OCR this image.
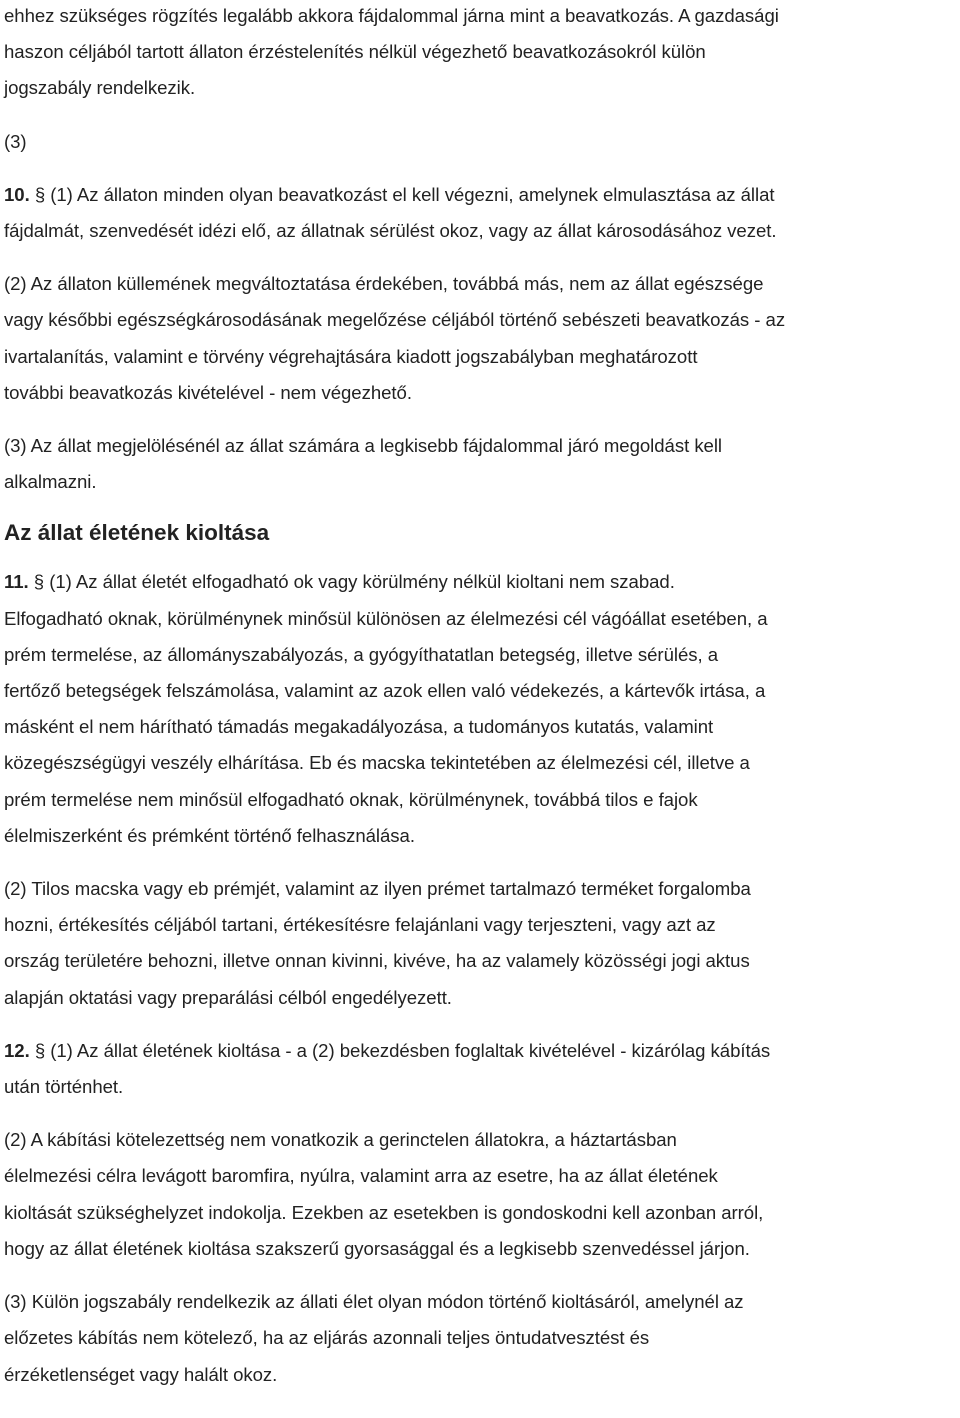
ehhez szükséges rögzítés legalább akkora fájdalommal járna mint a beavatkozás. A gazdasági
haszon céljából tartott állaton érzéstelenítés nélkül végezhető beavatkozásokról külön
jogszabály rendelkezik.
(3)
10. § (1) Az állaton minden olyan beavatkozást el kell végezni, amelynek elmulasztása az állat
fájdalmát, szenvedését idézi elő, az állatnak sérülést okoz, vagy az állat károsodásához vezet.
(2) Az állaton küllemének megváltoztatása érdekében, továbbá más, nem az állat egészsége
vagy későbbi egészségkárosodásának megelőzése céljából történő sebészeti beavatkozás - az
ivartalanítás, valamint e törvény végrehajtására kiadott jogszabályban meghatározott
további beavatkozás kivételével - nem végezhető.
(3) Az állat megjelölésénél az állat számára a legkisebb fájdalommal járó megoldást kell
alkalmazni.
Az állat életének kioltása
11. § (1) Az állat életét elfogadható ok vagy körülmény nélkül kioltani nem szabad.
Elfogadható oknak, körülménynek minősül különösen az élelmezési cél vágóállat esetében, a
prém termelése, az állományszabályozás, a gyógyíthatatlan betegség, illetve sérülés, a
fertőző betegségek felszámolása, valamint az azok ellen való védekezés, a kártevők irtása, a
másként el nem hárítható támadás megakadályozása, a tudományos kutatás, valamint
közegészségügyi veszély elhárítása. Eb és macska tekintetében az élelmezési cél, illetve a
prém termelése nem minősül elfogadható oknak, körülménynek, továbbá tilos e fajok
élelmiszerként és prémként történő felhasználása.
(2) Tilos macska vagy eb prémjét, valamint az ilyen prémet tartalmazó terméket forgalomba
hozni, értékesítés céljából tartani, értékesítésre felajánlani vagy terjeszteni, vagy azt az
ország területére behozni, illetve onnan kivinni, kivéve, ha az valamely közösségi jogi aktus
alapján oktatási vagy preparálási célból engedélyezett.
12. § (1) Az állat életének kioltása - a (2) bekezdésben foglaltak kivételével - kizárólag kábítás
után történhet.
(2) A kábítási kötelezettség nem vonatkozik a gerinctelen állatokra, a háztartásban
élelmezési célra levágott baromfira, nyúlra, valamint arra az esetre, ha az állat életének
kioltását szükséghelyzet indokolja. Ezekben az esetekben is gondoskodni kell azonban arról,
hogy az állat életének kioltása szakszerű gyorsasággal és a legkisebb szenvedéssel járjon.
(3) Külön jogszabály rendelkezik az állati élet olyan módon történő kioltásáról, amelynél az
előzetes kábítás nem kötelező, ha az eljárás azonnali teljes öntudatvesztést és
érzéketlenséget vagy halált okoz.
